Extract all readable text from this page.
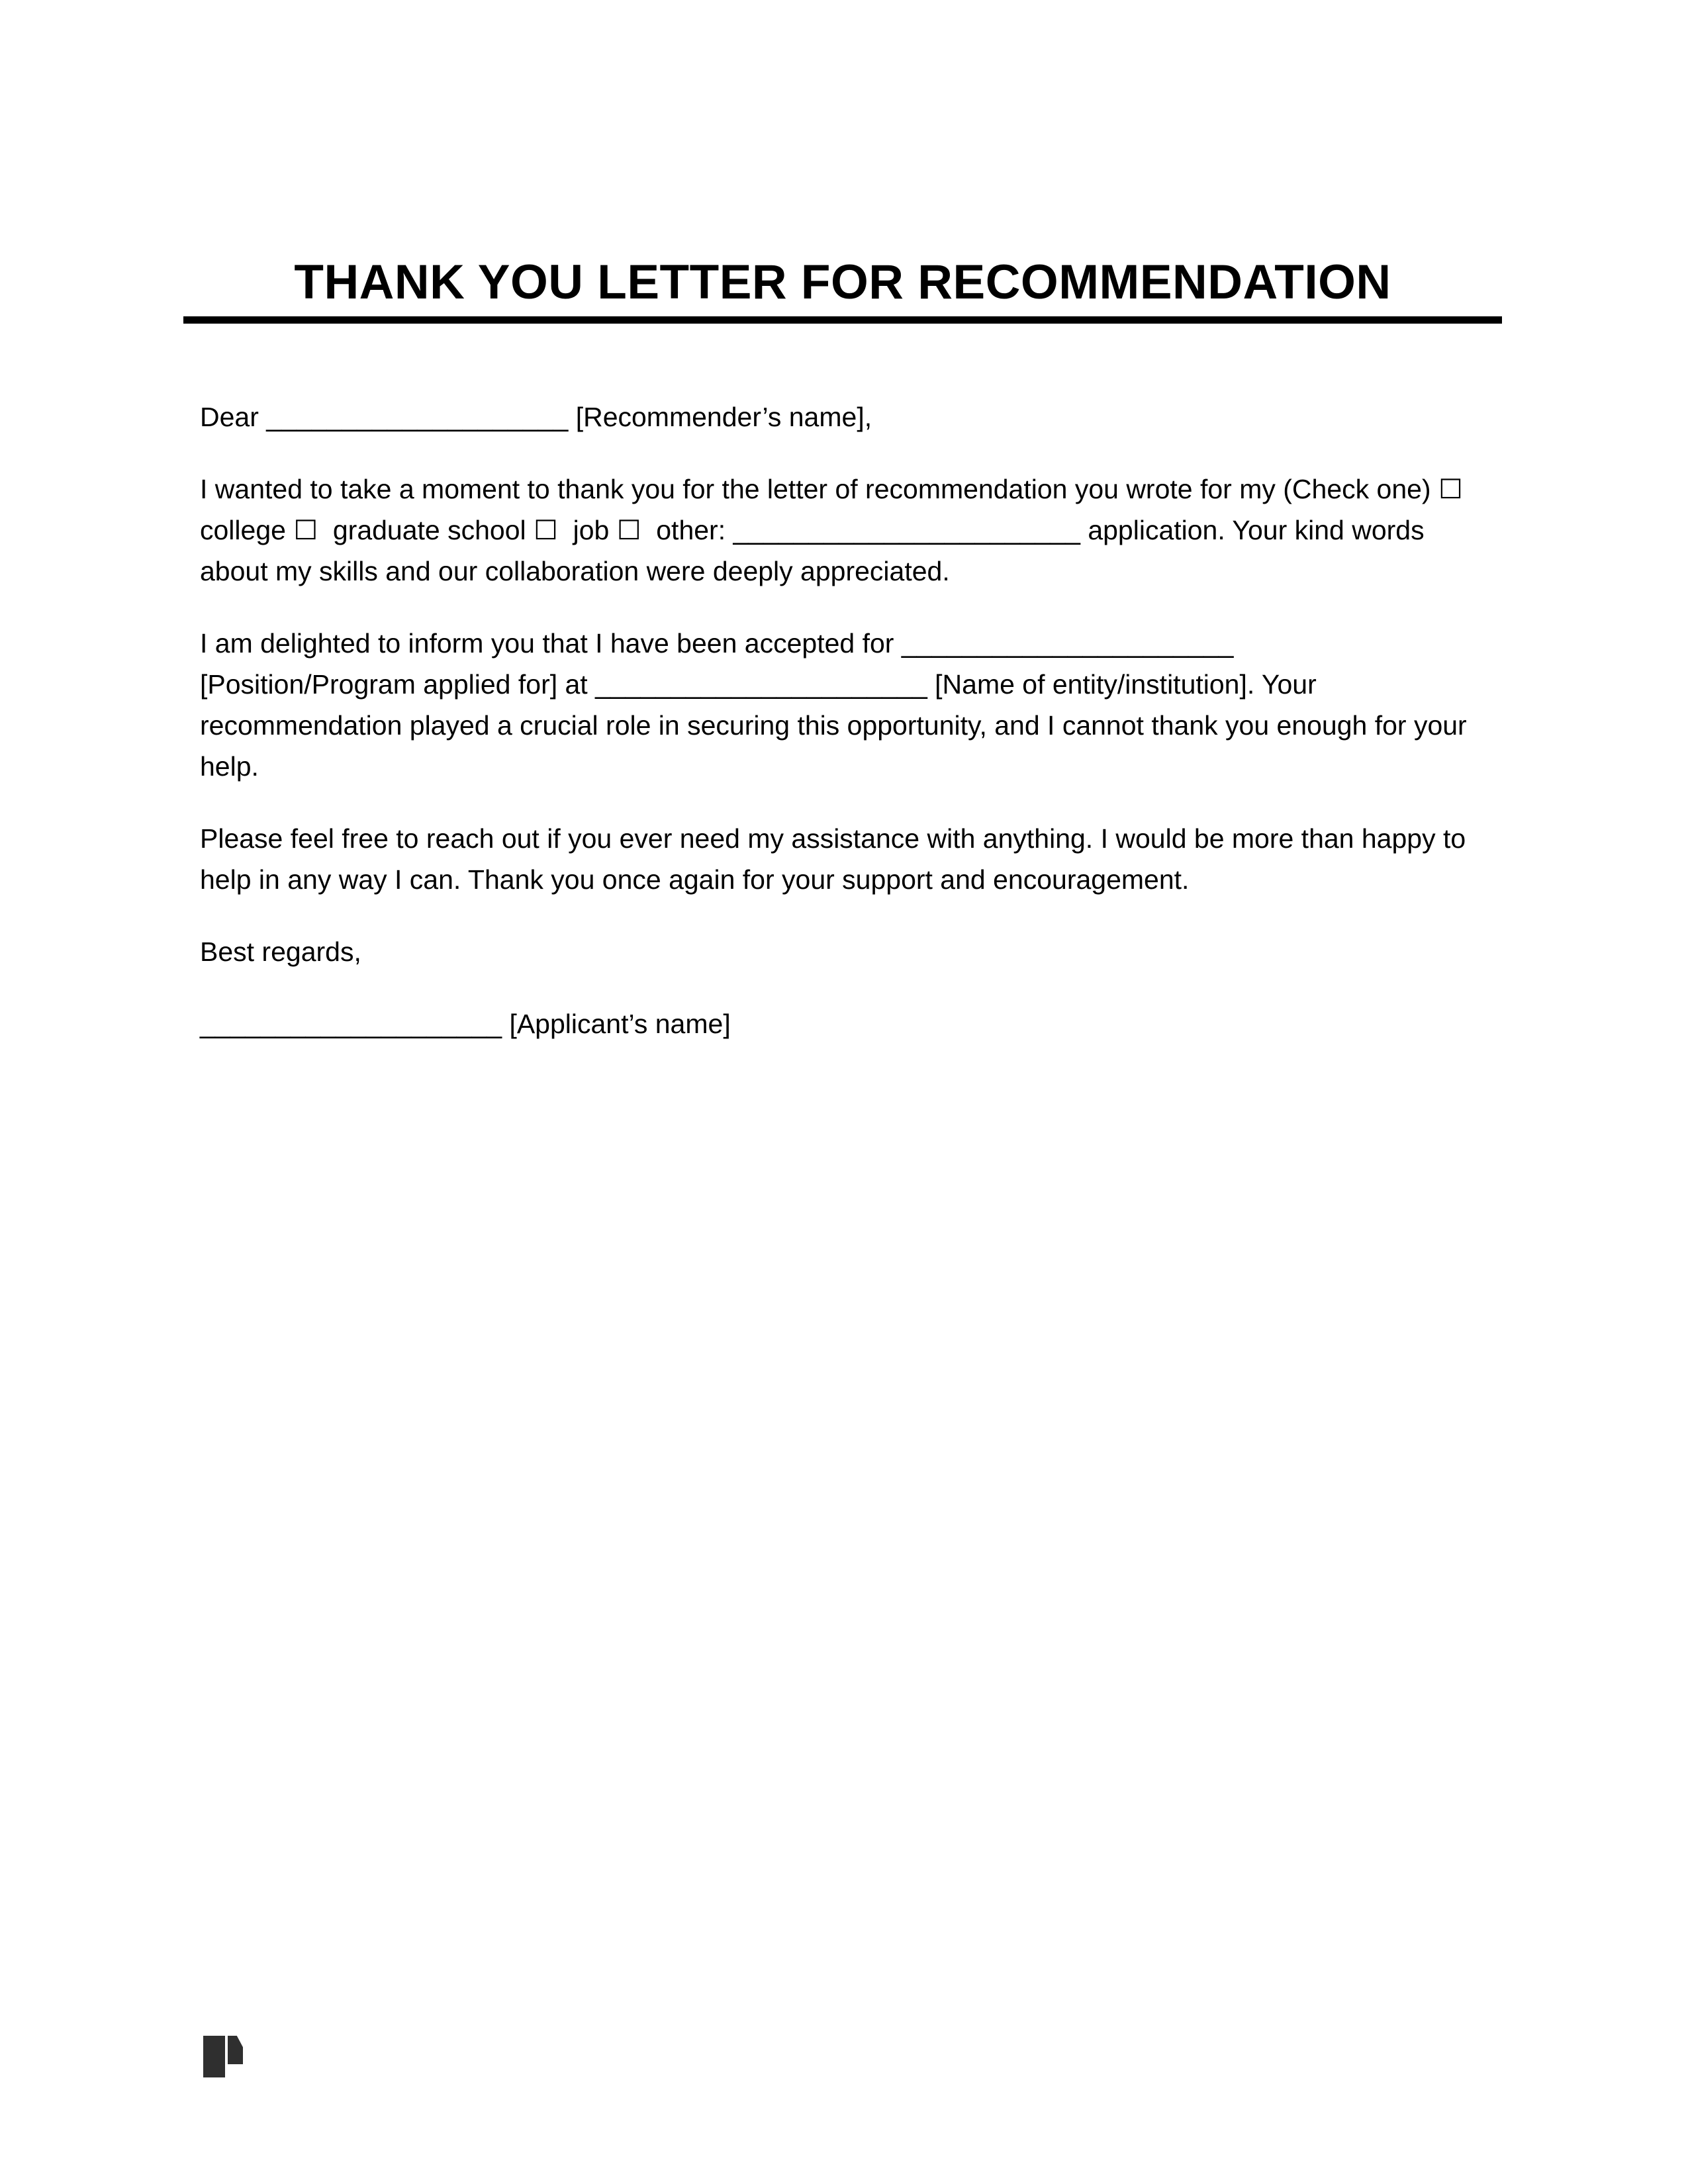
THANK YOU LETTER FOR RECOMMENDATION
Dear ____________________ [Recommender’s name],
I wanted to take a moment to thank you for the letter of recommendation you wrote for my (Check one) ☐
college ☐  graduate school ☐  job ☐  other: _______________________ application. Your kind words
about my skills and our collaboration were deeply appreciated.
I am delighted to inform you that I have been accepted for ______________________
[Position/Program applied for] at ______________________ [Name of entity/institution]. Your
recommendation played a crucial role in securing this opportunity, and I cannot thank you enough for your
help.
Please feel free to reach out if you ever need my assistance with anything. I would be more than happy to
help in any way I can. Thank you once again for your support and encouragement.
Best regards,
____________________ [Applicant’s name]
